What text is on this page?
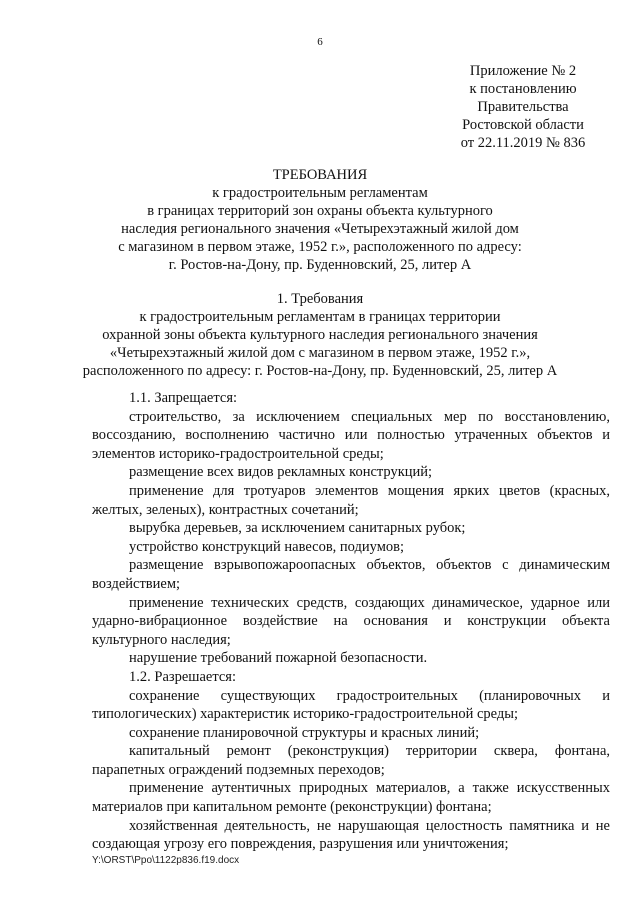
6
Приложение № 2
к постановлению
Правительства
Ростовской области
от 22.11.2019 № 836
ТРЕБОВАНИЯ
к градостроительным регламентам
в границах территорий зон охраны объекта культурного
наследия регионального значения «Четырехэтажный жилой дом
с магазином в первом этаже, 1952 г.», расположенного по адресу:
г. Ростов-на-Дону, пр. Буденновский, 25, литер А
1. Требования
к градостроительным регламентам в границах территории
охранной зоны объекта культурного наследия регионального значения
«Четырехэтажный жилой дом с магазином в первом этаже, 1952 г.»,
расположенного по адресу: г. Ростов-на-Дону, пр. Буденновский, 25, литер А

1.1. Запрещается:

строительство, за исключением специальных мер по восстановлению, воссозданию, восполнению частично или полностью утраченных объектов и элементов историко-градостроительной среды;

размещение всех видов рекламных конструкций;

применение для тротуаров элементов мощения ярких цветов (красных, желтых, зеленых), контрастных сочетаний;

вырубка деревьев, за исключением санитарных рубок;

устройство конструкций навесов, подиумов;

размещение взрывопожароопасных объектов, объектов с динамическим воздействием;

применение технических средств, создающих динамическое, ударное или ударно-вибрационное воздействие на основания и конструкции объекта культурного наследия;

нарушение требований пожарной безопасности.

1.2. Разрешается:

сохранение существующих градостроительных (планировочных и типологических) характеристик историко-градостроительной среды;

сохранение планировочной структуры и красных линий;

капитальный ремонт (реконструкция) территории сквера, фонтана, парапетных ограждений подземных переходов;

применение аутентичных природных материалов, а также искусственных материалов при капитальном ремонте (реконструкции) фонтана;

хозяйственная деятельность, не нарушающая целостность памятника и не создающая угрозу его повреждения, разрушения или уничтожения;

Y:\ORST\Ppo\1122p836.f19.docx
